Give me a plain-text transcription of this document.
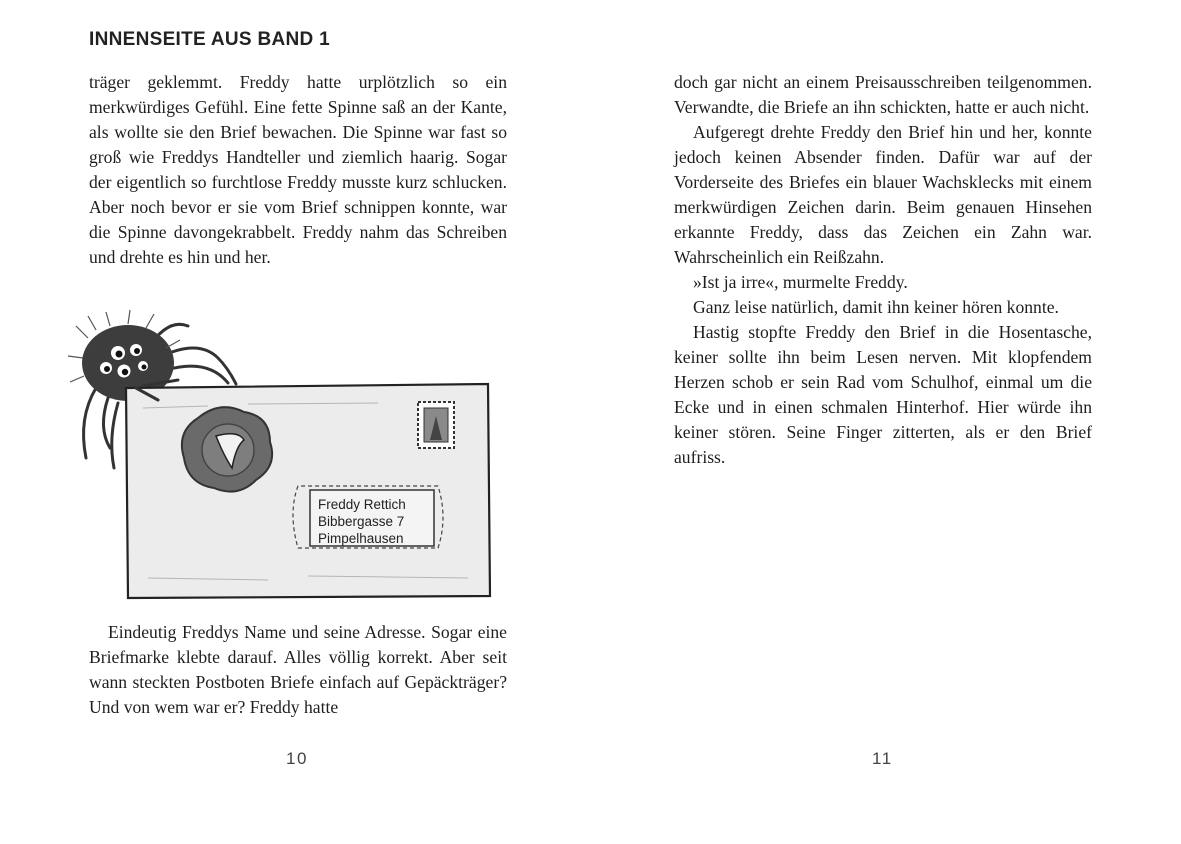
INNENSEITE AUS BAND 1

träger geklemmt. Freddy hatte urplötzlich so ein merkwürdiges Gefühl. Eine fette Spinne saß an der Kante, als wollte sie den Brief bewachen. Die Spinne war fast so groß wie Freddys Handteller und ziemlich haarig. Sogar der eigentlich so furchtlose Freddy musste kurz schlucken. Aber noch bevor er sie vom Brief schnippen konnte, war die Spinne davongekrabbelt. Freddy nahm das Schreiben und drehte es hin und her.

Freddy Rettich
Bibbergasse 7
Pimpelhausen

Eindeutig Freddys Name und seine Adresse. Sogar eine Briefmarke klebte darauf. Alles völlig korrekt. Aber seit wann steckten Postboten Briefe einfach auf Gepäckträger? Und von wem war er? Freddy hatte

10

doch gar nicht an einem Preisausschreiben teilgenommen. Verwandte, die Briefe an ihn schickten, hatte er auch nicht.

Aufgeregt drehte Freddy den Brief hin und her, konnte jedoch keinen Absender finden. Dafür war auf der Vorderseite des Briefes ein blauer Wachsklecks mit einem merkwürdigen Zeichen darin. Beim genauen Hinsehen erkannte Freddy, dass das Zeichen ein Zahn war. Wahrscheinlich ein Reißzahn.

»Ist ja irre«, murmelte Freddy.

Ganz leise natürlich, damit ihn keiner hören konnte.

Hastig stopfte Freddy den Brief in die Hosentasche, keiner sollte ihn beim Lesen nerven. Mit klopfendem Herzen schob er sein Rad vom Schulhof, einmal um die Ecke und in einen schmalen Hinterhof. Hier würde ihn keiner stören. Seine Finger zitterten, als er den Brief aufriss.

11
